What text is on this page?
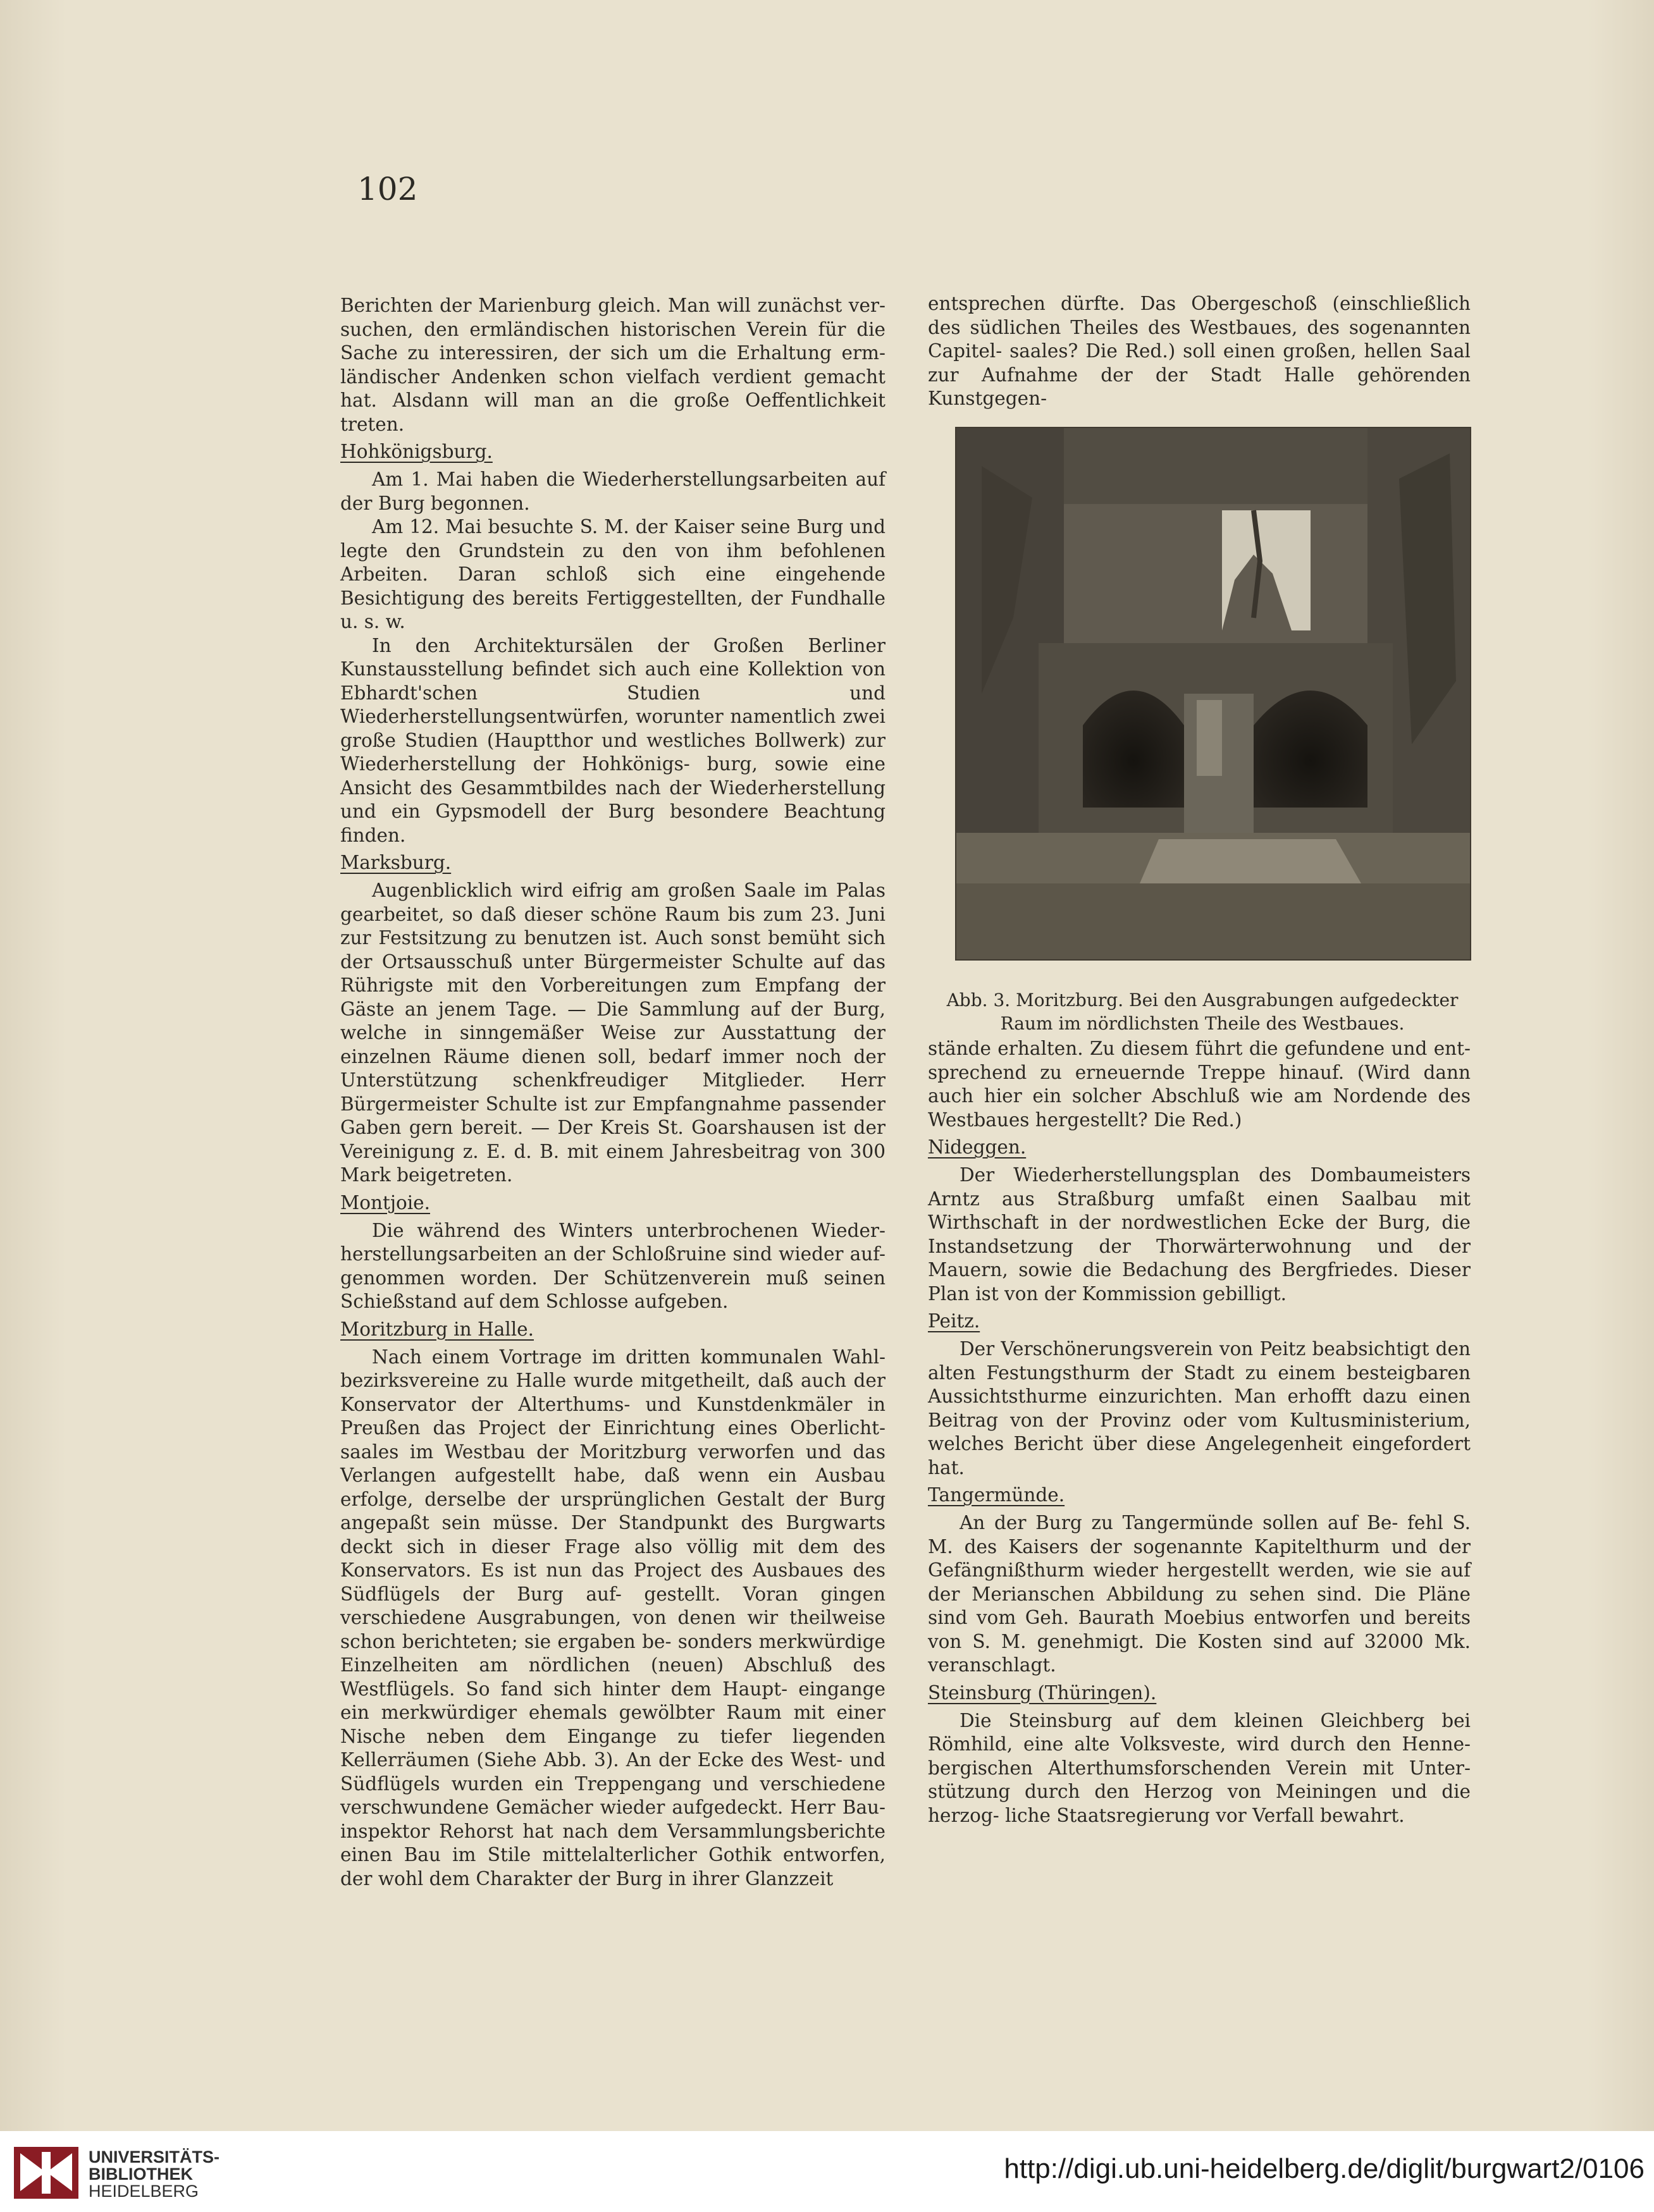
102

Berichten der Marienburg gleich. Man will zunächst ver- suchen, den ermländischen historischen Verein für die Sache zu interessiren, der sich um die Erhaltung erm- ländischer Andenken schon vielfach verdient gemacht hat. Alsdann will man an die große Oeffentlichkeit treten.

Hohkönigsburg.

Am 1. Mai haben die Wiederherstellungsarbeiten auf der Burg begonnen.

Am 12. Mai besuchte S. M. der Kaiser seine Burg und legte den Grundstein zu den von ihm befohlenen Arbeiten. Daran schloß sich eine eingehende Besichtigung des bereits Fertiggestellten, der Fundhalle u. s. w.

In den Architektursälen der Großen Berliner Kunstausstellung befindet sich auch eine Kollektion von Ebhardt'schen Studien und Wiederherstellungsentwürfen, worunter namentlich zwei große Studien (Hauptthor und westliches Bollwerk) zur Wiederherstellung der Hohkönigs- burg, sowie eine Ansicht des Gesammtbildes nach der Wiederherstellung und ein Gypsmodell der Burg besondere Beachtung finden.

Marksburg.

Augenblicklich wird eifrig am großen Saale im Palas gearbeitet, so daß dieser schöne Raum bis zum 23. Juni zur Festsitzung zu benutzen ist. Auch sonst bemüht sich der Ortsausschuß unter Bürgermeister Schulte auf das Rührigste mit den Vorbereitungen zum Empfang der Gäste an jenem Tage. — Die Sammlung auf der Burg, welche in sinngemäßer Weise zur Ausstattung der einzelnen Räume dienen soll, bedarf immer noch der Unterstützung schenkfreudiger Mitglieder. Herr Bürgermeister Schulte ist zur Empfangnahme passender Gaben gern bereit. — Der Kreis St. Goarshausen ist der Vereinigung z. E. d. B. mit einem Jahresbeitrag von 300 Mark beigetreten.

Montjoie.

Die während des Winters unterbrochenen Wieder- herstellungsarbeiten an der Schloßruine sind wieder auf- genommen worden. Der Schützenverein muß seinen Schießstand auf dem Schlosse aufgeben.

Moritzburg in Halle.

Nach einem Vortrage im dritten kommunalen Wahl- bezirksvereine zu Halle wurde mitgetheilt, daß auch der Konservator der Alterthums- und Kunstdenkmäler in Preußen das Project der Einrichtung eines Oberlicht- saales im Westbau der Moritzburg verworfen und das Verlangen aufgestellt habe, daß wenn ein Ausbau erfolge, derselbe der ursprünglichen Gestalt der Burg angepaßt sein müsse. Der Standpunkt des Burgwarts deckt sich in dieser Frage also völlig mit dem des Konservators. Es ist nun das Project des Ausbaues des Südflügels der Burg auf- gestellt. Voran gingen verschiedene Ausgrabungen, von denen wir theilweise schon berichteten; sie ergaben be- sonders merkwürdige Einzelheiten am nördlichen (neuen) Abschluß des Westflügels. So fand sich hinter dem Haupt- eingange ein merkwürdiger ehemals gewölbter Raum mit einer Nische neben dem Eingange zu tiefer liegenden Kellerräumen (Siehe Abb. 3). An der Ecke des West- und Südflügels wurden ein Treppengang und verschiedene verschwundene Gemächer wieder aufgedeckt. Herr Bau- inspektor Rehorst hat nach dem Versammlungsberichte einen Bau im Stile mittelalterlicher Gothik entworfen, der wohl dem Charakter der Burg in ihrer Glanzzeit

entsprechen dürfte. Das Obergeschoß (einschließlich des südlichen Theiles des Westbaues, des sogenannten Capitel- saales? Die Red.) soll einen großen, hellen Saal zur Aufnahme der der Stadt Halle gehörenden Kunstgegen-

Abb. 3. Moritzburg. Bei den Ausgrabungen aufgedeckter Raum im nördlichsten Theile des Westbaues.

stände erhalten. Zu diesem führt die gefundene und ent- sprechend zu erneuernde Treppe hinauf. (Wird dann auch hier ein solcher Abschluß wie am Nordende des Westbaues hergestellt? Die Red.)

Nideggen.

Der Wiederherstellungsplan des Dombaumeisters Arntz aus Straßburg umfaßt einen Saalbau mit Wirthschaft in der nordwestlichen Ecke der Burg, die Instandsetzung der Thorwärterwohnung und der Mauern, sowie die Bedachung des Bergfriedes. Dieser Plan ist von der Kommission gebilligt.

Peitz.

Der Verschönerungsverein von Peitz beabsichtigt den alten Festungsthurm der Stadt zu einem besteigbaren Aussichtsthurme einzurichten. Man erhofft dazu einen Beitrag von der Provinz oder vom Kultusministerium, welches Bericht über diese Angelegenheit eingefordert hat.

Tangermünde.

An der Burg zu Tangermünde sollen auf Be- fehl S. M. des Kaisers der sogenannte Kapitelthurm und der Gefängnißthurm wieder hergestellt werden, wie sie auf der Merianschen Abbildung zu sehen sind. Die Pläne sind vom Geh. Baurath Moebius entworfen und bereits von S. M. genehmigt. Die Kosten sind auf 32000 Mk. veranschlagt.

Steinsburg (Thüringen).

Die Steinsburg auf dem kleinen Gleichberg bei Römhild, eine alte Volksveste, wird durch den Henne- bergischen Alterthumsforschenden Verein mit Unter- stützung durch den Herzog von Meiningen und die herzog- liche Staatsregierung vor Verfall bewahrt.

UNIVERSITÄTS-
BIBLIOTHEK
HEIDELBERG

http://digi.ub.uni-heidelberg.de/diglit/burgwart2/0106
